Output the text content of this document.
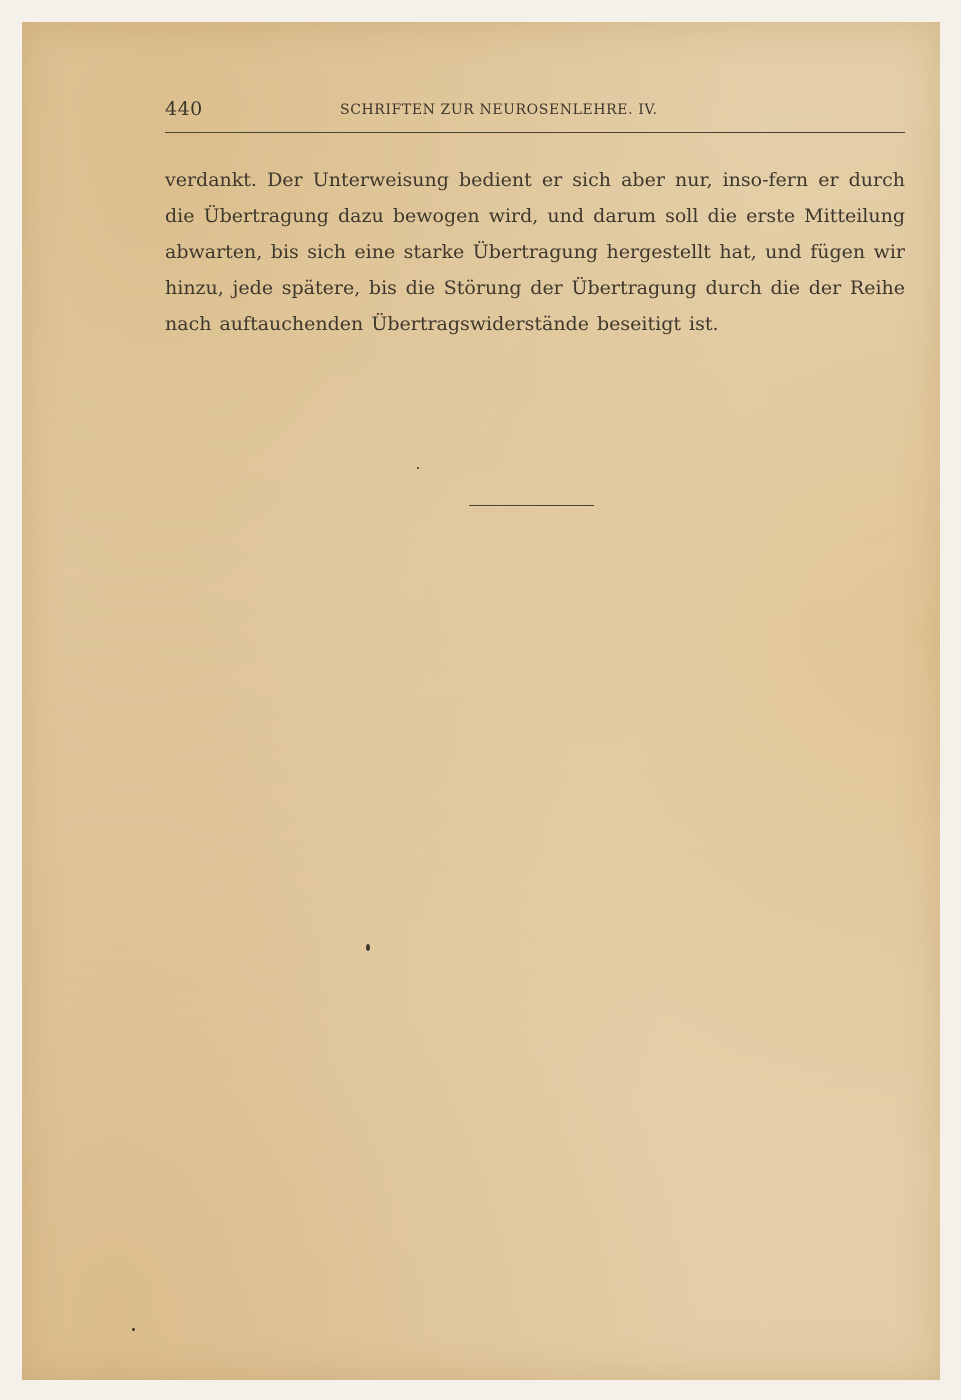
440	SCHRIFTEN ZUR NEUROSENLEHRE. IV.
verdankt. Der Unterweisung bedient er sich aber nur, inso-fern er durch die Übertragung dazu bewogen wird, und darum soll die erste Mitteilung abwarten, bis sich eine starke Übertragung hergestellt hat, und fügen wir hinzu, jede spätere, bis die Störung der Übertragung durch die der Reihe nach auftauchenden Übertragswiderstände beseitigt ist.
